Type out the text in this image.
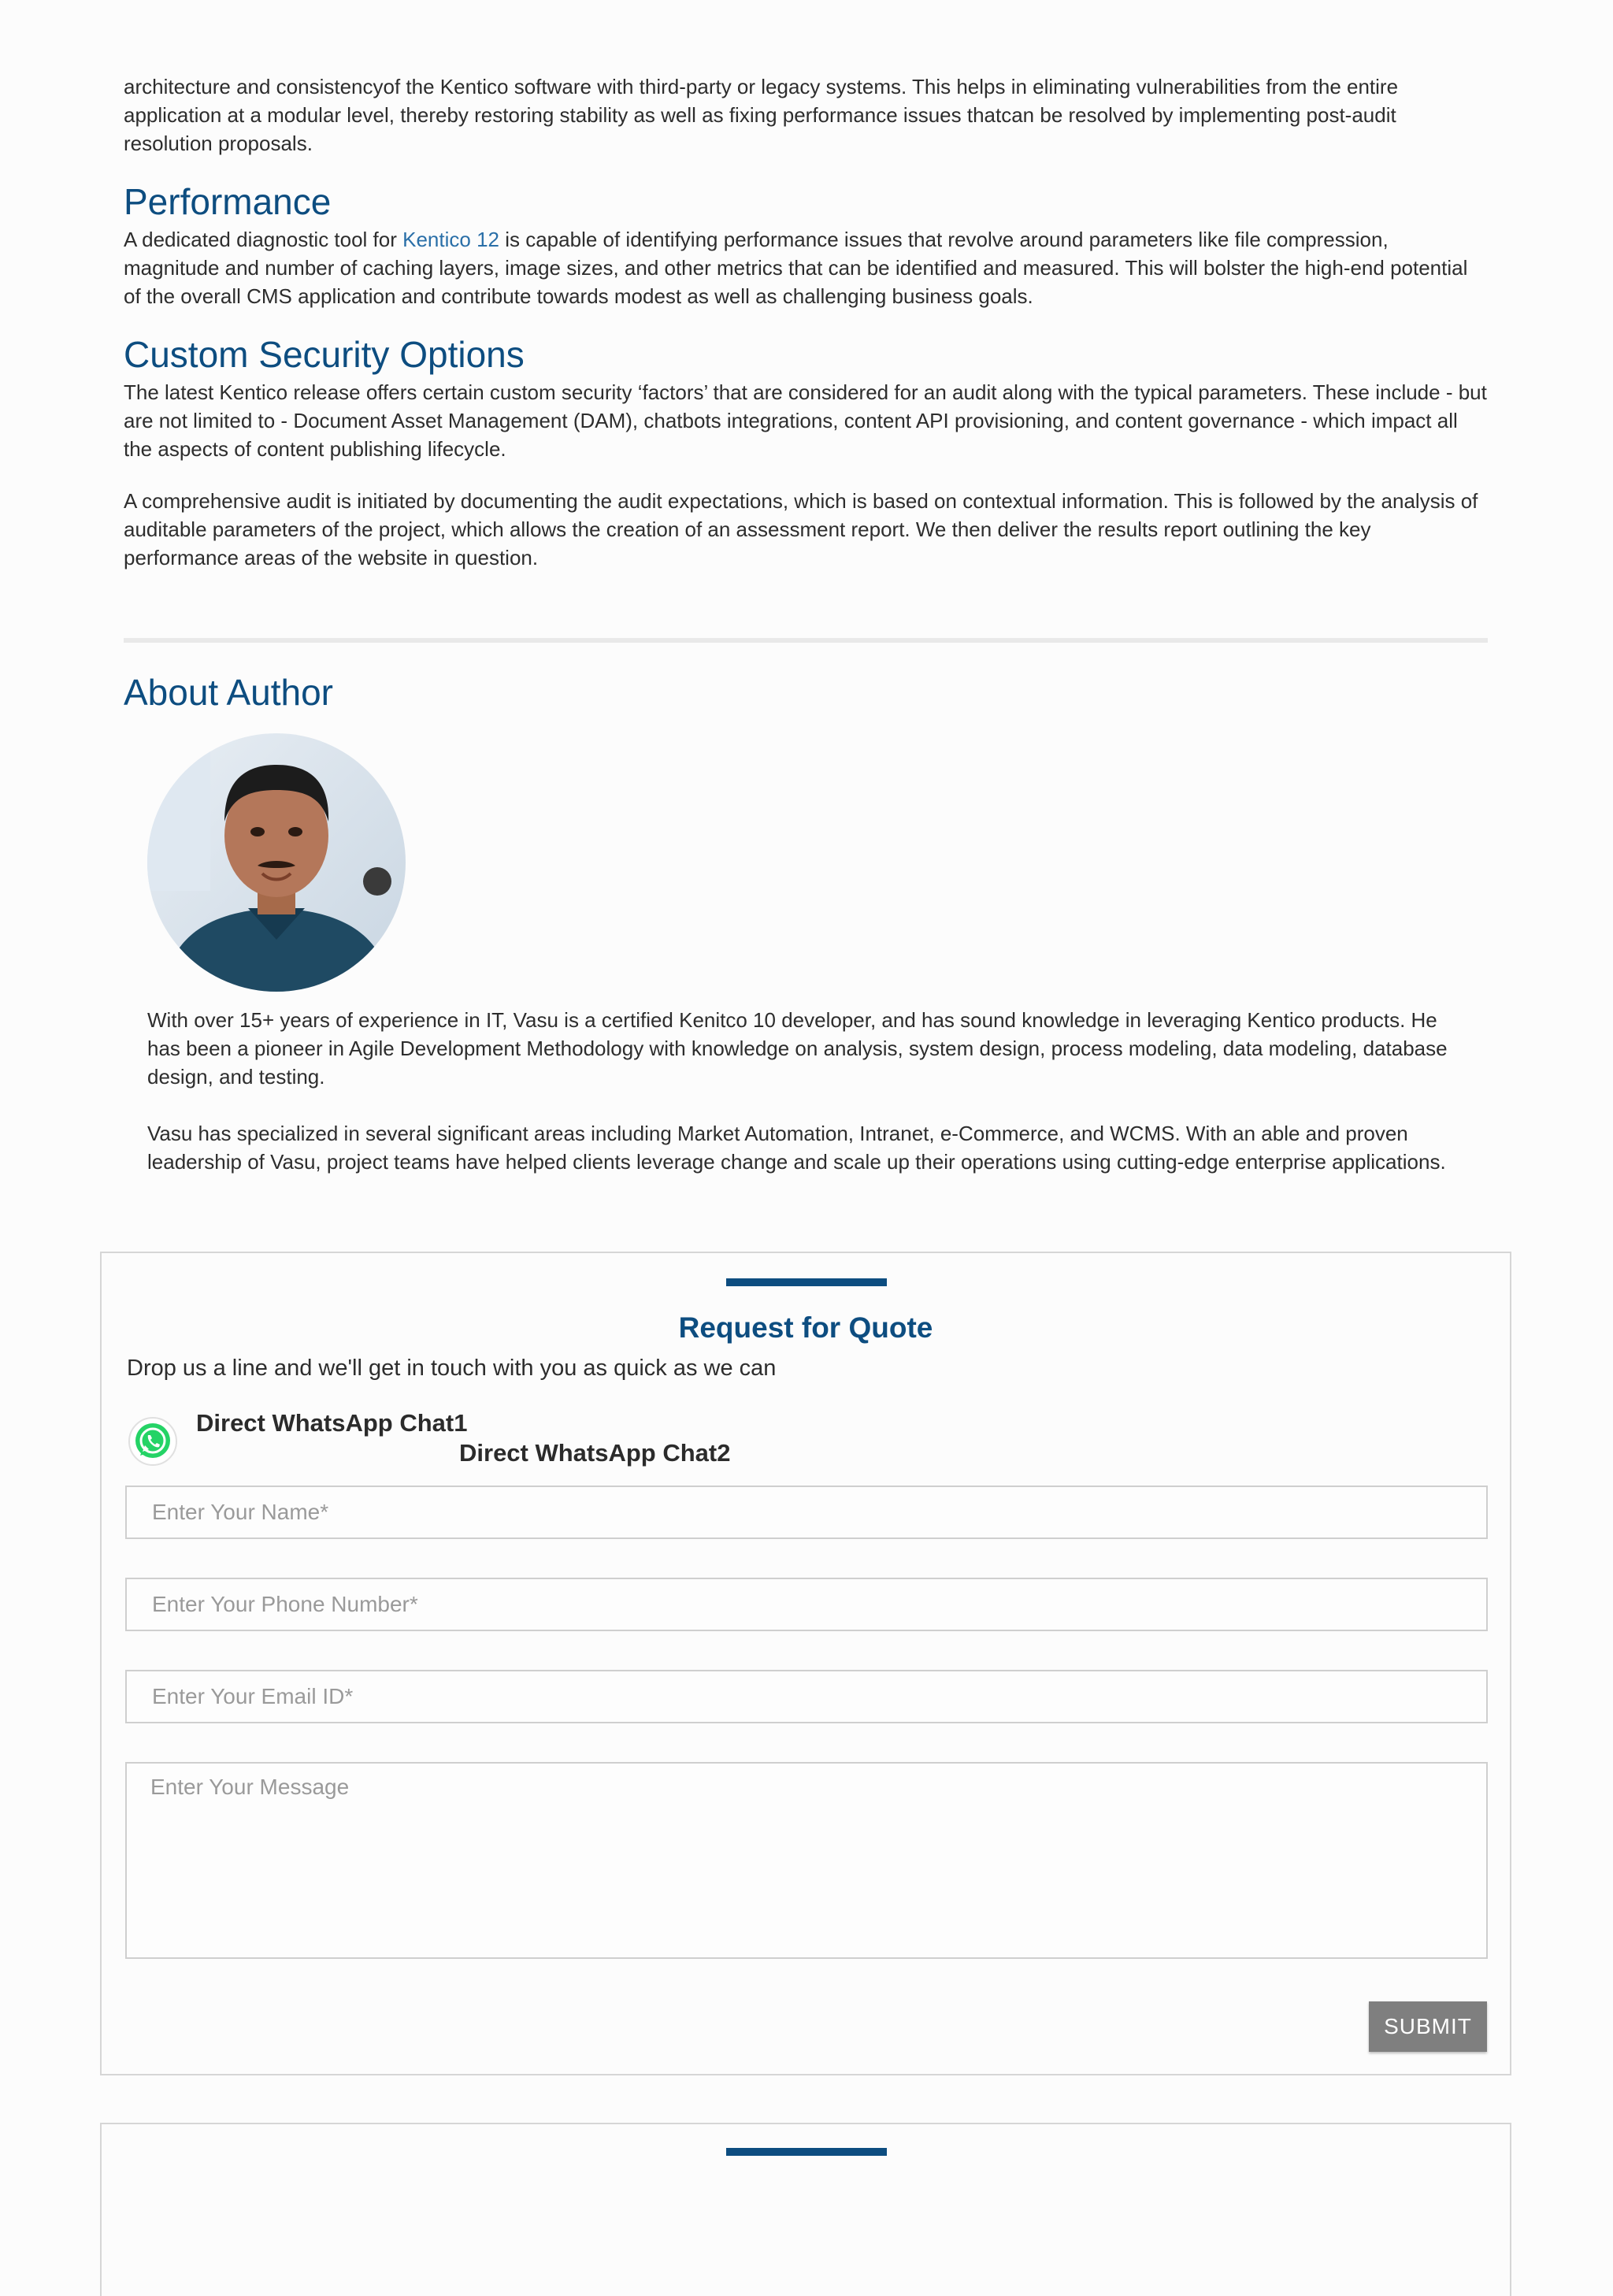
architecture and consistencyof the Kentico software with third-party or legacy systems. This helps in eliminating vulnerabilities from the entire application at a modular level, thereby restoring stability as well as fixing performance issues thatcan be resolved by implementing post-audit resolution proposals.

Performance

A dedicated diagnostic tool for Kentico 12 is capable of identifying performance issues that revolve around parameters like file compression, magnitude and number of caching layers, image sizes, and other metrics that can be identified and measured. This will bolster the high-end potential of the overall CMS application and contribute towards modest as well as challenging business goals.

Custom Security Options

The latest Kentico release offers certain custom security ‘factors’ that are considered for an audit along with the typical parameters. These include - but are not limited to - Document Asset Management (DAM), chatbots integrations, content API provisioning, and content governance - which impact all the aspects of content publishing lifecycle.

A comprehensive audit is initiated by documenting the audit expectations, which is based on contextual information. This is followed by the analysis of auditable parameters of the project, which allows the creation of an assessment report. We then deliver the results report outlining the key performance areas of the website in question.

About Author

With over 15+ years of experience in IT, Vasu is a certified Kenitco 10 developer, and has sound knowledge in leveraging Kentico products. He has been a pioneer in Agile Development Methodology with knowledge on analysis, system design, process modeling, data modeling, database design, and testing.

Vasu has specialized in several significant areas including Market Automation, Intranet, e-Commerce, and WCMS. With an able and proven leadership of Vasu, project teams have helped clients leverage change and scale up their operations using cutting-edge enterprise applications.

Request for Quote

Drop us a line and we'll get in touch with you as quick as we can

Direct WhatsApp Chat1
Direct WhatsApp Chat2
Enter Your Name*
Enter Your Phone Number*
Enter Your Email ID*
Enter Your Message
SUBMIT
